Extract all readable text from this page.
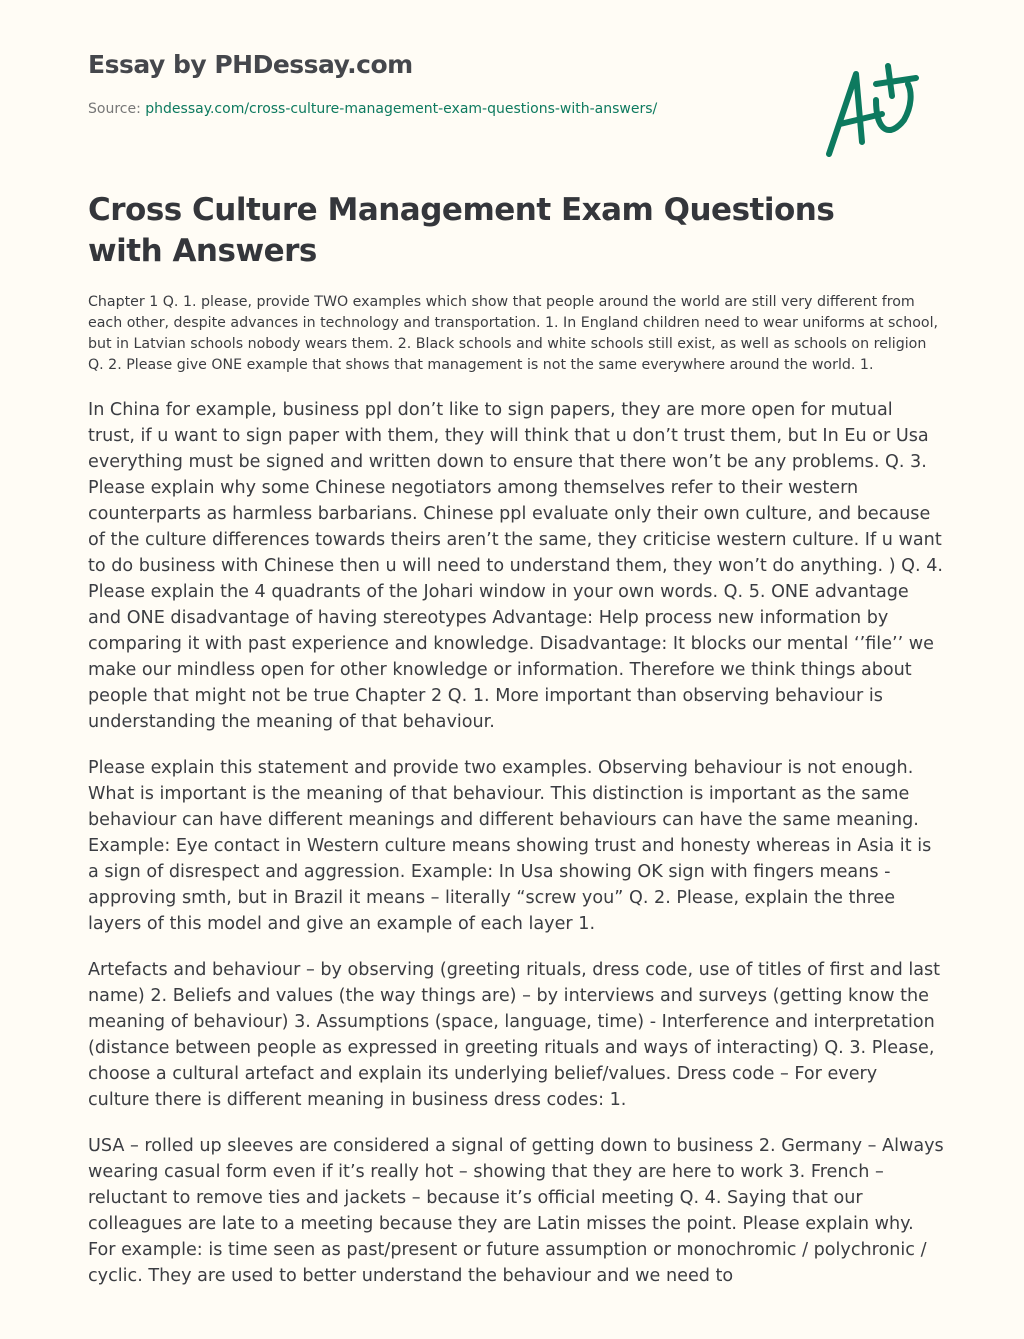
Essay by PHDessay.com
Source: phdessay.com/cross-culture-management-exam-questions-with-answers/
Cross Culture Management Exam Questions with Answers

Chapter 1 Q. 1. please, provide TWO examples which show that people around the world are still very different from each other, despite advances in technology and transportation. 1. In England children need to wear uniforms at school, but in Latvian schools nobody wears them. 2. Black schools and white schools still exist, as well as schools on religion Q. 2. Please give ONE example that shows that management is not the same everywhere around the world. 1.

In China for example, business ppl don’t like to sign papers, they are more open for mutual trust, if u want to sign paper with them, they will think that u don’t trust them, but In Eu or Usa everything must be signed and written down to ensure that there won’t be any problems. Q. 3. Please explain why some Chinese negotiators among themselves refer to their western counterparts as harmless barbarians. Chinese ppl evaluate only their own culture, and because of the culture differences towards theirs aren’t the same, they criticise western culture. If u want to do business with Chinese then u will need to understand them, they won’t do anything. ) Q. 4. Please explain the 4 quadrants of the Johari window in your own words. Q. 5. ONE advantage and ONE disadvantage of having stereotypes Advantage: Help process new information by comparing it with past experience and knowledge. Disadvantage: It blocks our mental ‘’file’’ we make our mindless open for other knowledge or information. Therefore we think things about people that might not be true Chapter 2 Q. 1. More important than observing behaviour is understanding the meaning of that behaviour.

Please explain this statement and provide two examples. Observing behaviour is not enough. What is important is the meaning of that behaviour. This distinction is important as the same behaviour can have different meanings and different behaviours can have the same meaning. Example: Eye contact in Western culture means showing trust and honesty whereas in Asia it is a sign of disrespect and aggression. Example: In Usa showing OK sign with fingers means - approving smth, but in Brazil it means – literally “screw you” Q. 2. Please, explain the three layers of this model and give an example of each layer 1.

Artefacts and behaviour – by observing (greeting rituals, dress code, use of titles of first and last name) 2. Beliefs and values (the way things are) – by interviews and surveys (getting know the meaning of behaviour) 3. Assumptions (space, language, time) - Interference and interpretation (distance between people as expressed in greeting rituals and ways of interacting) Q. 3. Please, choose a cultural artefact and explain its underlying belief/values. Dress code – For every culture there is different meaning in business dress codes: 1.

USA – rolled up sleeves are considered a signal of getting down to business 2. Germany – Always wearing casual form even if it’s really hot – showing that they are here to work 3. French – reluctant to remove ties and jackets – because it’s official meeting Q. 4. Saying that our colleagues are late to a meeting because they are Latin misses the point. Please explain why. For example: is time seen as past/present or future assumption or monochromic / polychronic / cyclic. They are used to better understand the behaviour and we need to
